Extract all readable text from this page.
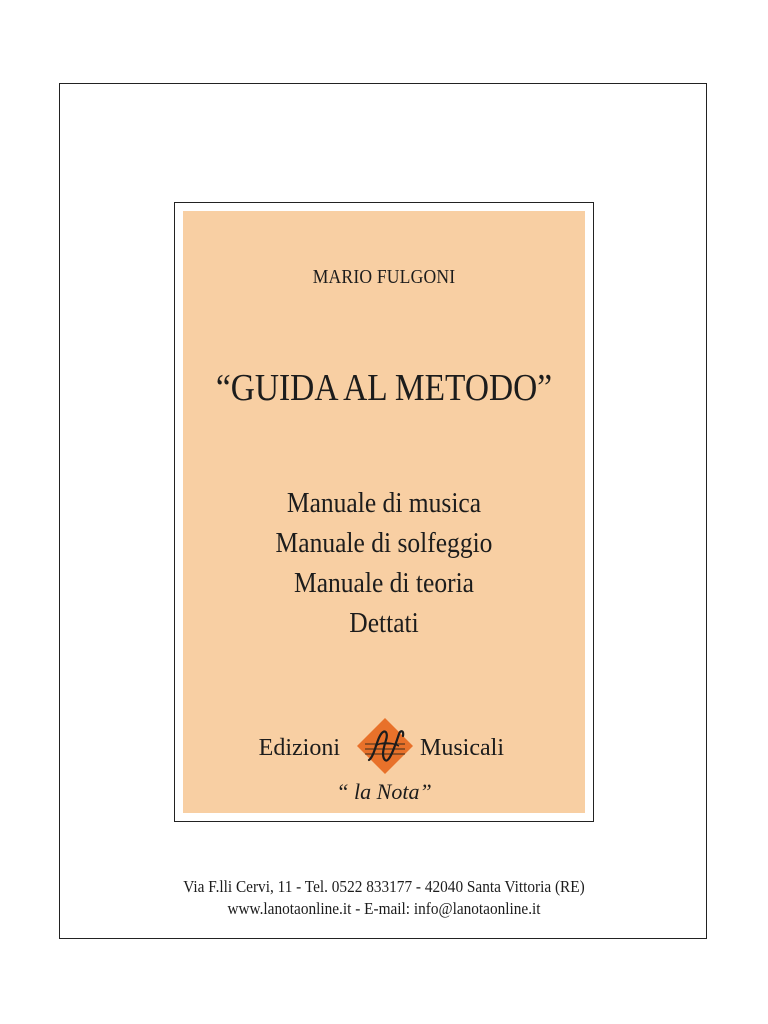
MARIO FULGONI
“GUIDA AL METODO”
Manuale di musica
Manuale di solfeggio
Manuale di teoria
Dettati
Edizioni	Musicali
“ la Nota”
Via F.lli Cervi, 11 - Tel. 0522 833177 - 42040 Santa Vittoria (RE)
www.lanotaonline.it - E-mail: info@lanotaonline.it
